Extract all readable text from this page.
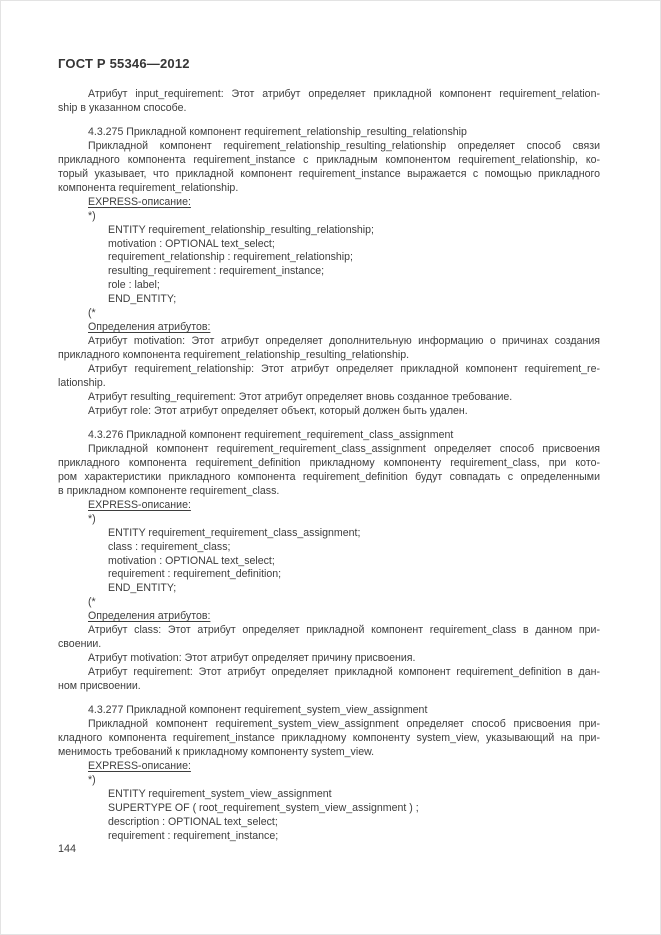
ГОСТ Р 55346—2012
Атрибут input_requirement: Этот атрибут определяет прикладной компонент requirement_relation-
ship в указанном способе.
4.3.275 Прикладной компонент requirement_relationship_resulting_relationship
Прикладной компонент requirement_relationship_resulting_relationship определяет способ связи
прикладного компонента requirement_instance с прикладным компонентом requirement_relationship, ко-
торый указывает, что прикладной компонент requirement_instance выражается с помощью прикладного
компонента requirement_relationship.
EXPRESS-описание:
*)
ENTITY requirement_relationship_resulting_relationship;
motivation : OPTIONAL text_select;
requirement_relationship : requirement_relationship;
resulting_requirement : requirement_instance;
role : label;
END_ENTITY;
(*
Определения атрибутов:
Атрибут motivation: Этот атрибут определяет дополнительную информацию о причинах создания
прикладного компонента requirement_relationship_resulting_relationship.
Атрибут requirement_relationship: Этот атрибут определяет прикладной компонент requirement_re-
lationship.
Атрибут resulting_requirement: Этот атрибут определяет вновь созданное требование.
Атрибут role: Этот атрибут определяет объект, который должен быть удален.
4.3.276 Прикладной компонент requirement_requirement_class_assignment
Прикладной компонент requirement_requirement_class_assignment определяет способ присвоения
прикладного компонента requirement_definition прикладному компоненту requirement_class, при кото-
ром характеристики прикладного компонента requirement_definition будут совпадать с определенными
в прикладном компоненте requirement_class.
EXPRESS-описание:
*)
ENTITY requirement_requirement_class_assignment;
class : requirement_class;
motivation : OPTIONAL text_select;
requirement : requirement_definition;
END_ENTITY;
(*
Определения атрибутов:
Атрибут class: Этот атрибут определяет прикладной компонент requirement_class в данном при-
своении.
Атрибут motivation: Этот атрибут определяет причину присвоения.
Атрибут requirement: Этот атрибут определяет прикладной компонент requirement_definition в дан-
ном присвоении.
4.3.277 Прикладной компонент requirement_system_view_assignment
Прикладной компонент requirement_system_view_assignment определяет способ присвоения при-
кладного компонента requirement_instance прикладному компоненту system_view, указывающий на при-
менимость требований к прикладному компоненту system_view.
EXPRESS-описание:
*)
ENTITY requirement_system_view_assignment
SUPERTYPE OF ( root_requirement_system_view_assignment ) ;
description : OPTIONAL text_select;
requirement : requirement_instance;
144
